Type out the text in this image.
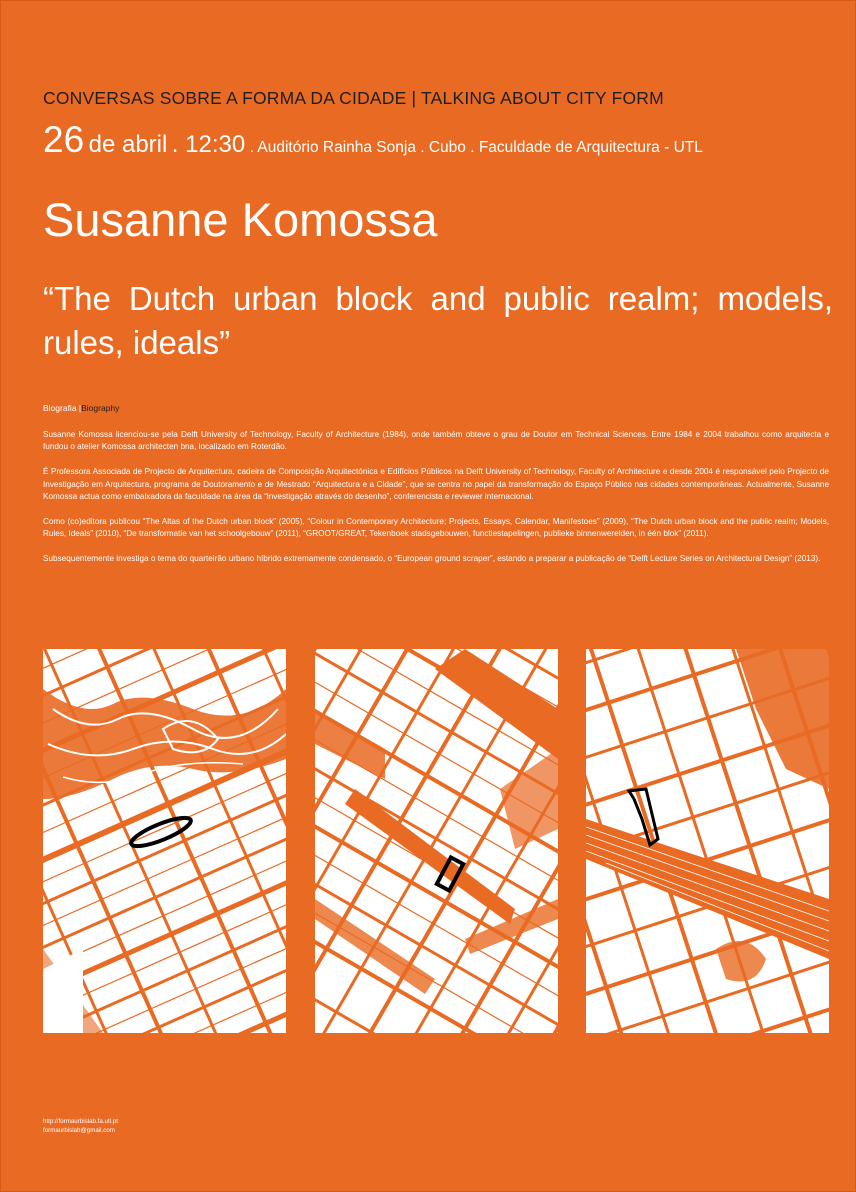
CONVERSAS SOBRE A FORMA DA CIDADE | TALKING ABOUT CITY FORM
26 de abril . 12:30 . Auditório Rainha Sonja . Cubo . Faculdade de Arquitectura - UTL
Susanne Komossa
“The Dutch urban block and public realm; models, rules, ideals”
Biografia |Biography

Susanne Komossa licenciou-se pela Delft University of Technology, Faculty of Architecture (1984), onde também obteve o grau de Doutor em Technical Sciences. Entre 1984 e 2004 trabalhou como arquitecta e fundou o atelier Komossa architecten bna, localizado em Roterdão.

É Professora Associada de Projecto de Arquitectura, cadeira de Composição Arquitectónica e Edifícios Públicos na Delft University of Technology, Faculty of Architecture e desde 2004 é responsável pelo Projecto de Investigação em Arquitectura, programa de Doutoramento e de Mestrado “Arquitectura e a Cidade”, que se centra no papel da transformação do Espaço Público nas cidades contemporâneas. Actualmente, Susanne Komossa actua como embaixadora da faculdade na área da “investigação através do desenho”, conferencista e reviewer internacional.

Como (co)editora publicou “The Altas of the Dutch urban block” (2005), “Colour in Contemporary Architecture; Projects, Essays, Calendar, Manifestoes” (2009), “The Dutch urban block and the public realm; Models, Rules, Ideals” (2010), “De transformatie van het schoolgebouw” (2011), “GROOT/GREAT, Tekenboek stadsgebouwen, functiestapelingen, publieke binnenwerelden, in één blok” (2011).

Subsequentemente investiga o tema do quarteirão urbano híbrido extremamente condensado, o “European ground scraper”, estando a preparar a publicação de “Delft Lecture Series on Architectural Design” (2013).

http://formaurbislab.fa.utl.pt
formaurbislab@gmail.com
